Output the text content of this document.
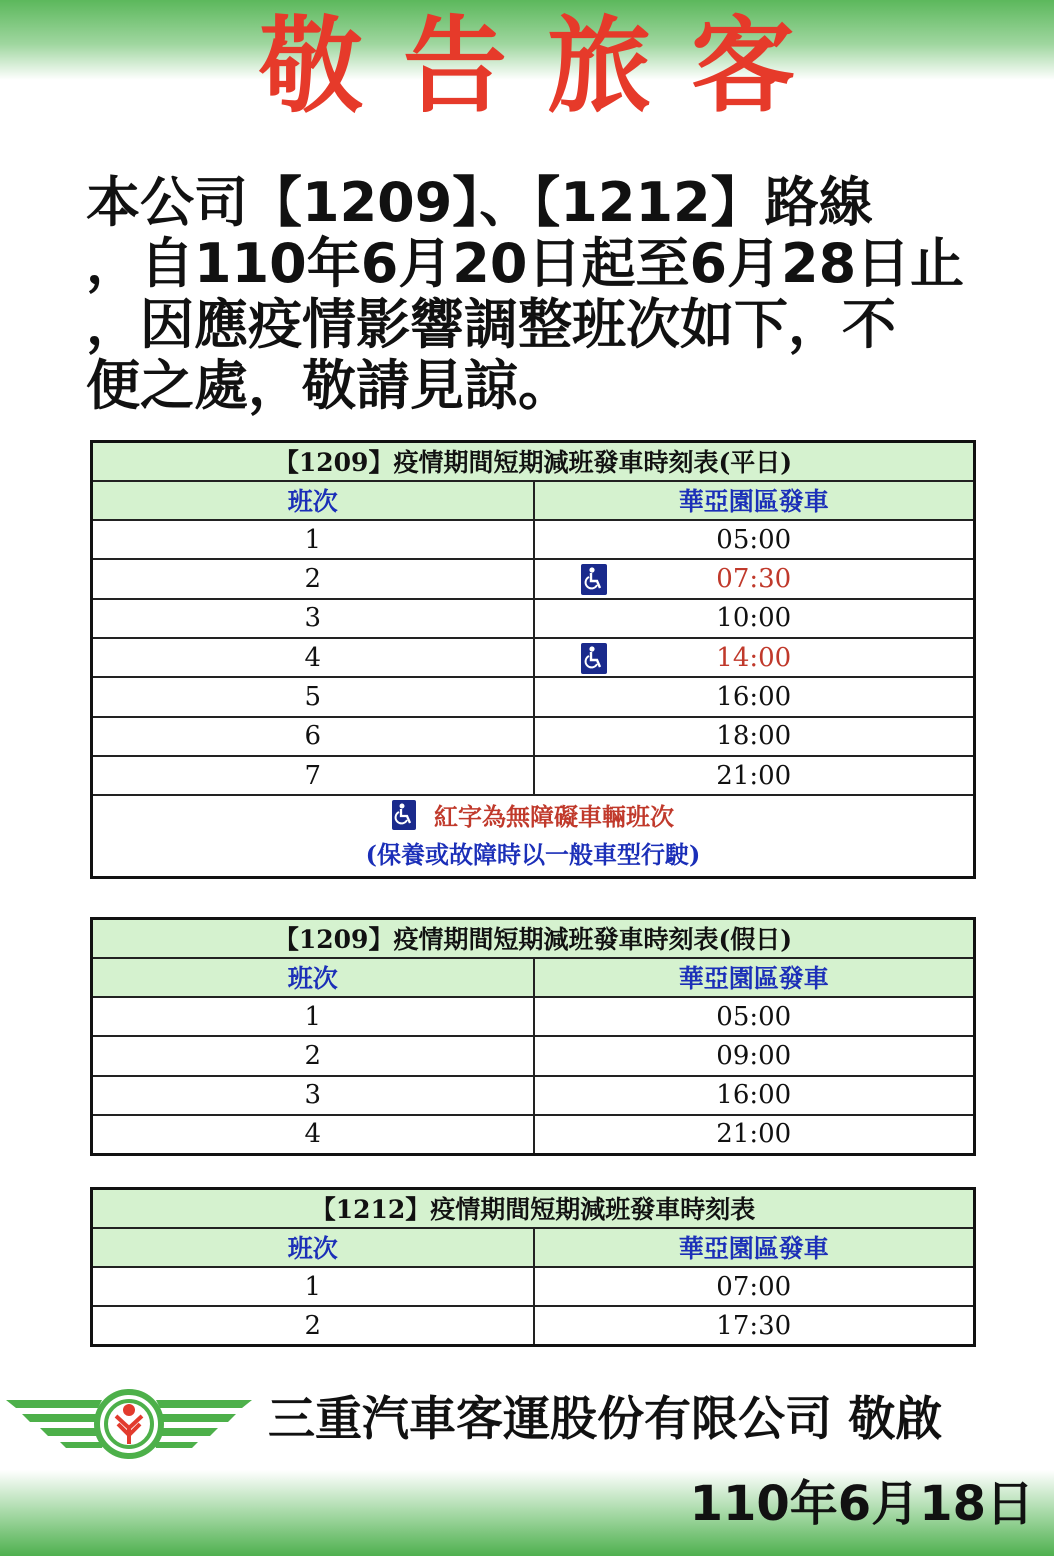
敬告旅客
本公司【1209】、【1212】路線
，自110年6月20日起至6月28日止
，因應疫情影響調整班次如下，不
便之處，敬請見諒。
【1209】疫情期間短期減班發車時刻表(平日)	
班次	華亞園區發車
1	05:00
2	07:30
3	10:00
4	14:00
5	16:00
6	18:00
7	21:00

紅字為無障礙車輛班次
(保養或故障時以一般車型行駛)	
【1209】疫情期間短期減班發車時刻表(假日)	
班次	華亞園區發車
1	05:00
2	09:00
3	16:00
4	21:00
【1212】疫情期間短期減班發車時刻表	
班次	華亞園區發車
1	07:00
2	17:30
三重汽車客運股份有限公司 敬啟
110年6月18日
